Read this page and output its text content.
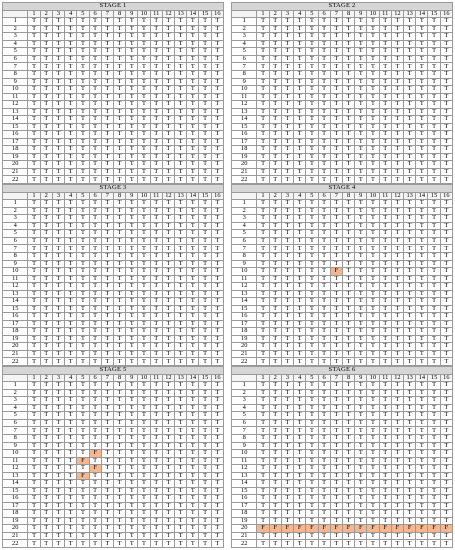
STAGE 1																
	1	2	3	4	5	6	7	8	9	10	11	12	13	14	15	16
1	T	T	T	T	T	T	T	T	T	T	T	T	T	T	T	T
2	T	T	T	T	T	T	T	T	T	T	T	T	T	T	T	T
3	T	T	T	T	T	T	T	T	T	T	T	T	T	T	T	T
4	T	T	T	T	T	T	T	T	T	T	T	T	T	T	T	T
5	T	T	T	T	T	T	T	T	T	T	T	T	T	T	T	T
6	T	T	T	T	T	T	T	T	T	T	T	T	T	T	T	T
7	T	T	T	T	T	T	T	T	T	T	T	T	T	T	T	T
8	T	T	T	T	T	T	T	T	T	T	T	T	T	T	T	T
9	T	T	T	T	T	T	T	T	T	T	T	T	T	T	T	T
10	T	T	T	T	T	T	T	T	T	T	T	T	T	T	T	T
11	T	T	T	T	T	T	T	T	T	T	T	T	T	T	T	T
12	T	T	T	T	T	T	T	T	T	T	T	T	T	T	T	T
13	T	T	T	T	T	T	T	T	T	T	T	T	T	T	T	T
14	T	T	T	T	T	T	T	T	T	T	T	T	T	T	T	T
15	T	T	T	T	T	T	T	T	T	T	T	T	T	T	T	T
16	T	T	T	T	T	T	T	T	T	T	T	T	T	T	T	T
17	T	T	T	T	T	T	T	T	T	T	T	T	T	T	T	T
18	T	T	T	T	T	T	T	T	T	T	T	T	T	T	T	T
19	T	T	T	T	T	T	T	T	T	T	T	T	T	T	T	T
20	T	T	T	T	T	T	T	T	T	T	T	T	T	T	T	T
21	T	T	T	T	T	T	T	T	T	T	T	T	T	T	T	T
22	T	T	T	T	T	T	T	T	T	T	T	T	T	T	T	T
STAGE 2																
	1	2	3	4	5	6	7	8	9	10	11	12	13	14	15	16
1	T	T	T	T	T	T	T	T	T	T	T	T	T	T	T	T
2	T	T	T	T	T	T	T	T	T	T	T	T	T	T	T	T
3	T	T	T	T	T	T	T	T	T	T	T	T	T	T	T	T
4	T	T	T	T	T	T	T	T	T	T	T	T	T	T	T	T
5	T	T	T	T	T	T	T	T	T	T	T	T	T	T	T	T
6	T	T	T	T	T	T	T	T	T	T	T	T	T	T	T	T
7	T	T	T	T	T	T	T	T	T	T	T	T	T	T	T	T
8	T	T	T	T	T	T	T	T	T	T	T	T	T	T	T	T
9	T	T	T	T	T	T	T	T	T	T	T	T	T	T	T	T
10	T	T	T	T	T	T	T	T	T	T	T	T	T	T	T	T
11	T	T	T	T	T	T	T	T	T	T	T	T	T	T	T	T
12	T	T	T	T	T	T	T	T	T	T	T	T	T	T	T	T
13	T	T	T	T	T	T	T	T	T	T	T	T	T	T	T	T
14	T	T	T	T	T	T	T	T	T	T	T	T	T	T	T	T
15	T	T	T	T	T	T	T	T	T	T	T	T	T	T	T	T
16	T	T	T	T	T	T	T	T	T	T	T	T	T	T	T	T
17	T	T	T	T	T	T	T	T	T	T	T	T	T	T	T	T
18	T	T	T	T	T	T	T	T	T	T	T	T	T	T	T	T
19	T	T	T	T	T	T	T	T	T	T	T	T	T	T	T	T
20	T	T	T	T	T	T	T	T	T	T	T	T	T	T	T	T
21	T	T	T	T	T	T	T	T	T	T	T	T	T	T	T	T
22	T	T	T	T	T	T	T	T	T	T	T	T	T	T	T	T
STAGE 3																
	1	2	3	4	5	6	7	8	9	10	11	12	13	14	15	16
1	T	T	T	T	T	T	T	T	T	T	T	T	T	T	T	T
2	T	T	T	T	T	T	T	T	T	T	T	T	T	T	T	T
3	T	T	T	T	T	T	T	T	T	T	T	T	T	T	T	T
4	T	T	T	T	T	T	T	T	T	T	T	T	T	T	T	T
5	T	T	T	T	T	T	T	T	T	T	T	T	T	T	T	T
6	T	T	T	T	T	T	T	T	T	T	T	T	T	T	T	T
7	T	T	T	T	T	T	T	T	T	T	T	T	T	T	T	T
8	T	T	T	T	T	T	T	T	T	T	T	T	T	T	T	T
9	T	T	T	T	T	T	T	T	T	T	T	T	T	T	T	T
10	T	T	T	T	T	T	T	T	T	T	T	T	T	T	T	T
11	T	T	T	T	T	T	T	T	T	T	T	T	T	T	T	T
12	T	T	T	T	T	T	T	T	T	T	T	T	T	T	T	T
13	T	T	T	T	T	T	T	T	T	T	T	T	T	T	T	T
14	T	T	T	T	T	T	T	T	T	T	T	T	T	T	T	T
15	T	T	T	T	T	T	T	T	T	T	T	T	T	T	T	T
16	T	T	T	T	T	T	T	T	T	T	T	T	T	T	T	T
17	T	T	T	T	T	T	T	T	T	T	T	T	T	T	T	T
18	T	T	T	T	T	T	T	T	T	T	T	T	T	T	T	T
19	T	T	T	T	T	T	T	T	T	T	T	T	T	T	T	T
20	T	T	T	T	T	T	T	T	T	T	T	T	T	T	T	T
21	T	T	T	T	T	T	T	T	T	T	T	T	T	T	T	T
22	T	T	T	T	T	T	T	T	T	T	T	T	T	T	T	T
STAGE 4																
	1	2	3	4	5	6	7	8	9	10	11	12	13	14	15	16
1	T	T	T	T	T	T	T	T	T	T	T	T	T	T	T	T
2	T	T	T	T	T	T	T	T	T	T	T	T	T	T	T	T
3	T	T	T	T	T	T	T	T	T	T	T	T	T	T	T	T
4	T	T	T	T	T	T	T	T	T	T	T	T	T	T	T	T
5	T	T	T	T	T	T	T	T	T	T	T	T	T	T	T	T
6	T	T	T	T	T	T	T	T	T	T	T	T	T	T	T	T
7	T	T	T	T	T	T	T	T	T	T	T	T	T	T	T	T
8	T	T	T	T	T	T	T	T	T	T	T	T	T	T	T	T
9	T	T	T	T	T	T	T	T	T	T	T	T	T	T	T	T
10	T	T	T	T	T	T	F	T	T	T	T	T	T	T	T	T
11	T	T	T	T	T	T	T	T	T	T	T	T	T	T	T	T
12	T	T	T	T	T	T	T	T	T	T	T	T	T	T	T	T
13	T	T	T	T	T	T	T	T	T	T	T	T	T	T	T	T
14	T	T	T	T	T	T	T	T	T	T	T	T	T	T	T	T
15	T	T	T	T	T	T	T	T	T	T	T	T	T	T	T	T
16	T	T	T	T	T	T	T	T	T	T	T	T	T	T	T	T
17	T	T	T	T	T	T	T	T	T	T	T	T	T	T	T	T
18	T	T	T	T	T	T	T	T	T	T	T	T	T	T	T	T
19	T	T	T	T	T	T	T	T	T	T	T	T	T	T	T	T
20	T	T	T	T	T	T	T	T	T	T	T	T	T	T	T	T
21	T	T	T	T	T	T	T	T	T	T	T	T	T	T	T	T
22	T	T	T	T	T	T	T	T	T	T	T	T	T	T	T	T
STAGE 5																
	1	2	3	4	5	6	7	8	9	10	11	12	13	14	15	16
1	T	T	T	T	T	T	T	T	T	T	T	T	T	T	T	T
2	T	T	T	T	T	T	T	T	T	T	T	T	T	T	T	T
3	T	T	T	T	T	T	T	T	T	T	T	T	T	T	T	T
4	T	T	T	T	T	T	T	T	T	T	T	T	T	T	T	T
5	T	T	T	T	T	T	T	T	T	T	T	T	T	T	T	T
6	T	T	T	T	T	T	T	T	T	T	T	T	T	T	T	T
7	T	T	T	T	T	T	T	T	T	T	T	T	T	T	T	T
8	T	T	T	T	T	T	T	T	T	T	T	T	T	T	T	T
9	T	T	T	T	T	T	T	T	T	T	T	T	T	T	T	T
10	T	T	T	T	T	F	T	T	T	T	T	T	T	T	T	T
11	T	T	T	T	F	T	T	T	T	T	T	T	T	T	T	T
12	T	T	T	T	T	F	T	T	T	T	T	T	T	T	T	T
13	T	T	T	T	F	T	T	T	T	T	T	T	T	T	T	T
14	T	T	T	T	T	T	T	T	T	T	T	T	T	T	T	T
15	T	T	T	T	T	T	T	T	T	T	T	T	T	T	T	T
16	T	T	T	T	T	T	T	T	T	T	T	T	T	T	T	T
17	T	T	T	T	T	T	T	T	T	T	T	T	T	T	T	T
18	T	T	T	T	T	T	T	T	T	T	T	T	T	T	T	T
19	T	T	T	T	T	T	T	T	T	T	T	T	T	T	T	T
20	T	T	T	T	T	T	T	T	T	T	T	T	T	T	T	T
21	T	T	T	T	T	T	T	T	T	T	T	T	T	T	T	T
22	T	T	T	T	T	T	T	T	T	T	T	T	T	T	T	T
STAGE 6																
	1	2	3	4	5	6	7	8	9	10	11	12	13	14	15	16
1	T	T	T	T	T	T	T	T	T	T	T	T	T	T	T	T
2	T	T	T	T	T	T	T	T	T	T	T	T	T	T	T	T
3	T	T	T	T	T	T	T	T	T	T	T	T	T	T	T	T
4	T	T	T	T	T	T	T	T	T	T	T	T	T	T	T	T
5	T	T	T	T	T	T	T	T	T	T	T	T	T	T	T	T
6	T	T	T	T	T	T	T	T	T	T	T	T	T	T	T	T
7	T	T	T	T	T	T	T	T	T	T	T	T	T	T	T	T
8	T	T	T	T	T	T	T	T	T	T	T	T	T	T	T	T
9	T	T	T	T	T	T	T	T	T	T	T	T	T	T	T	T
10	T	T	T	T	T	T	T	T	T	T	T	T	T	T	T	T
11	T	T	T	T	T	T	T	T	T	T	T	T	T	T	T	T
12	T	T	T	T	T	T	T	T	T	T	T	T	T	T	T	T
13	T	T	T	T	T	T	T	T	T	T	T	T	T	T	T	T
14	T	T	T	T	T	T	T	T	T	T	T	T	T	T	T	T
15	T	T	T	T	T	T	T	T	T	T	T	T	T	T	T	T
16	T	T	T	T	T	T	T	T	T	T	T	T	T	T	T	T
17	T	T	T	T	T	T	T	T	T	T	T	T	T	T	T	T
18	T	T	T	T	T	T	T	T	T	T	T	T	T	T	T	T
19	T	T	T	T	T	T	T	T	T	T	T	T	T	T	T	T
20	F	F	F	F	F	F	F	F	F	F	F	F	F	F	F	F
21	T	T	T	T	T	T	T	T	T	T	T	T	T	T	T	T
22	T	T	T	T	T	T	T	T	T	T	T	T	T	T	T	T
